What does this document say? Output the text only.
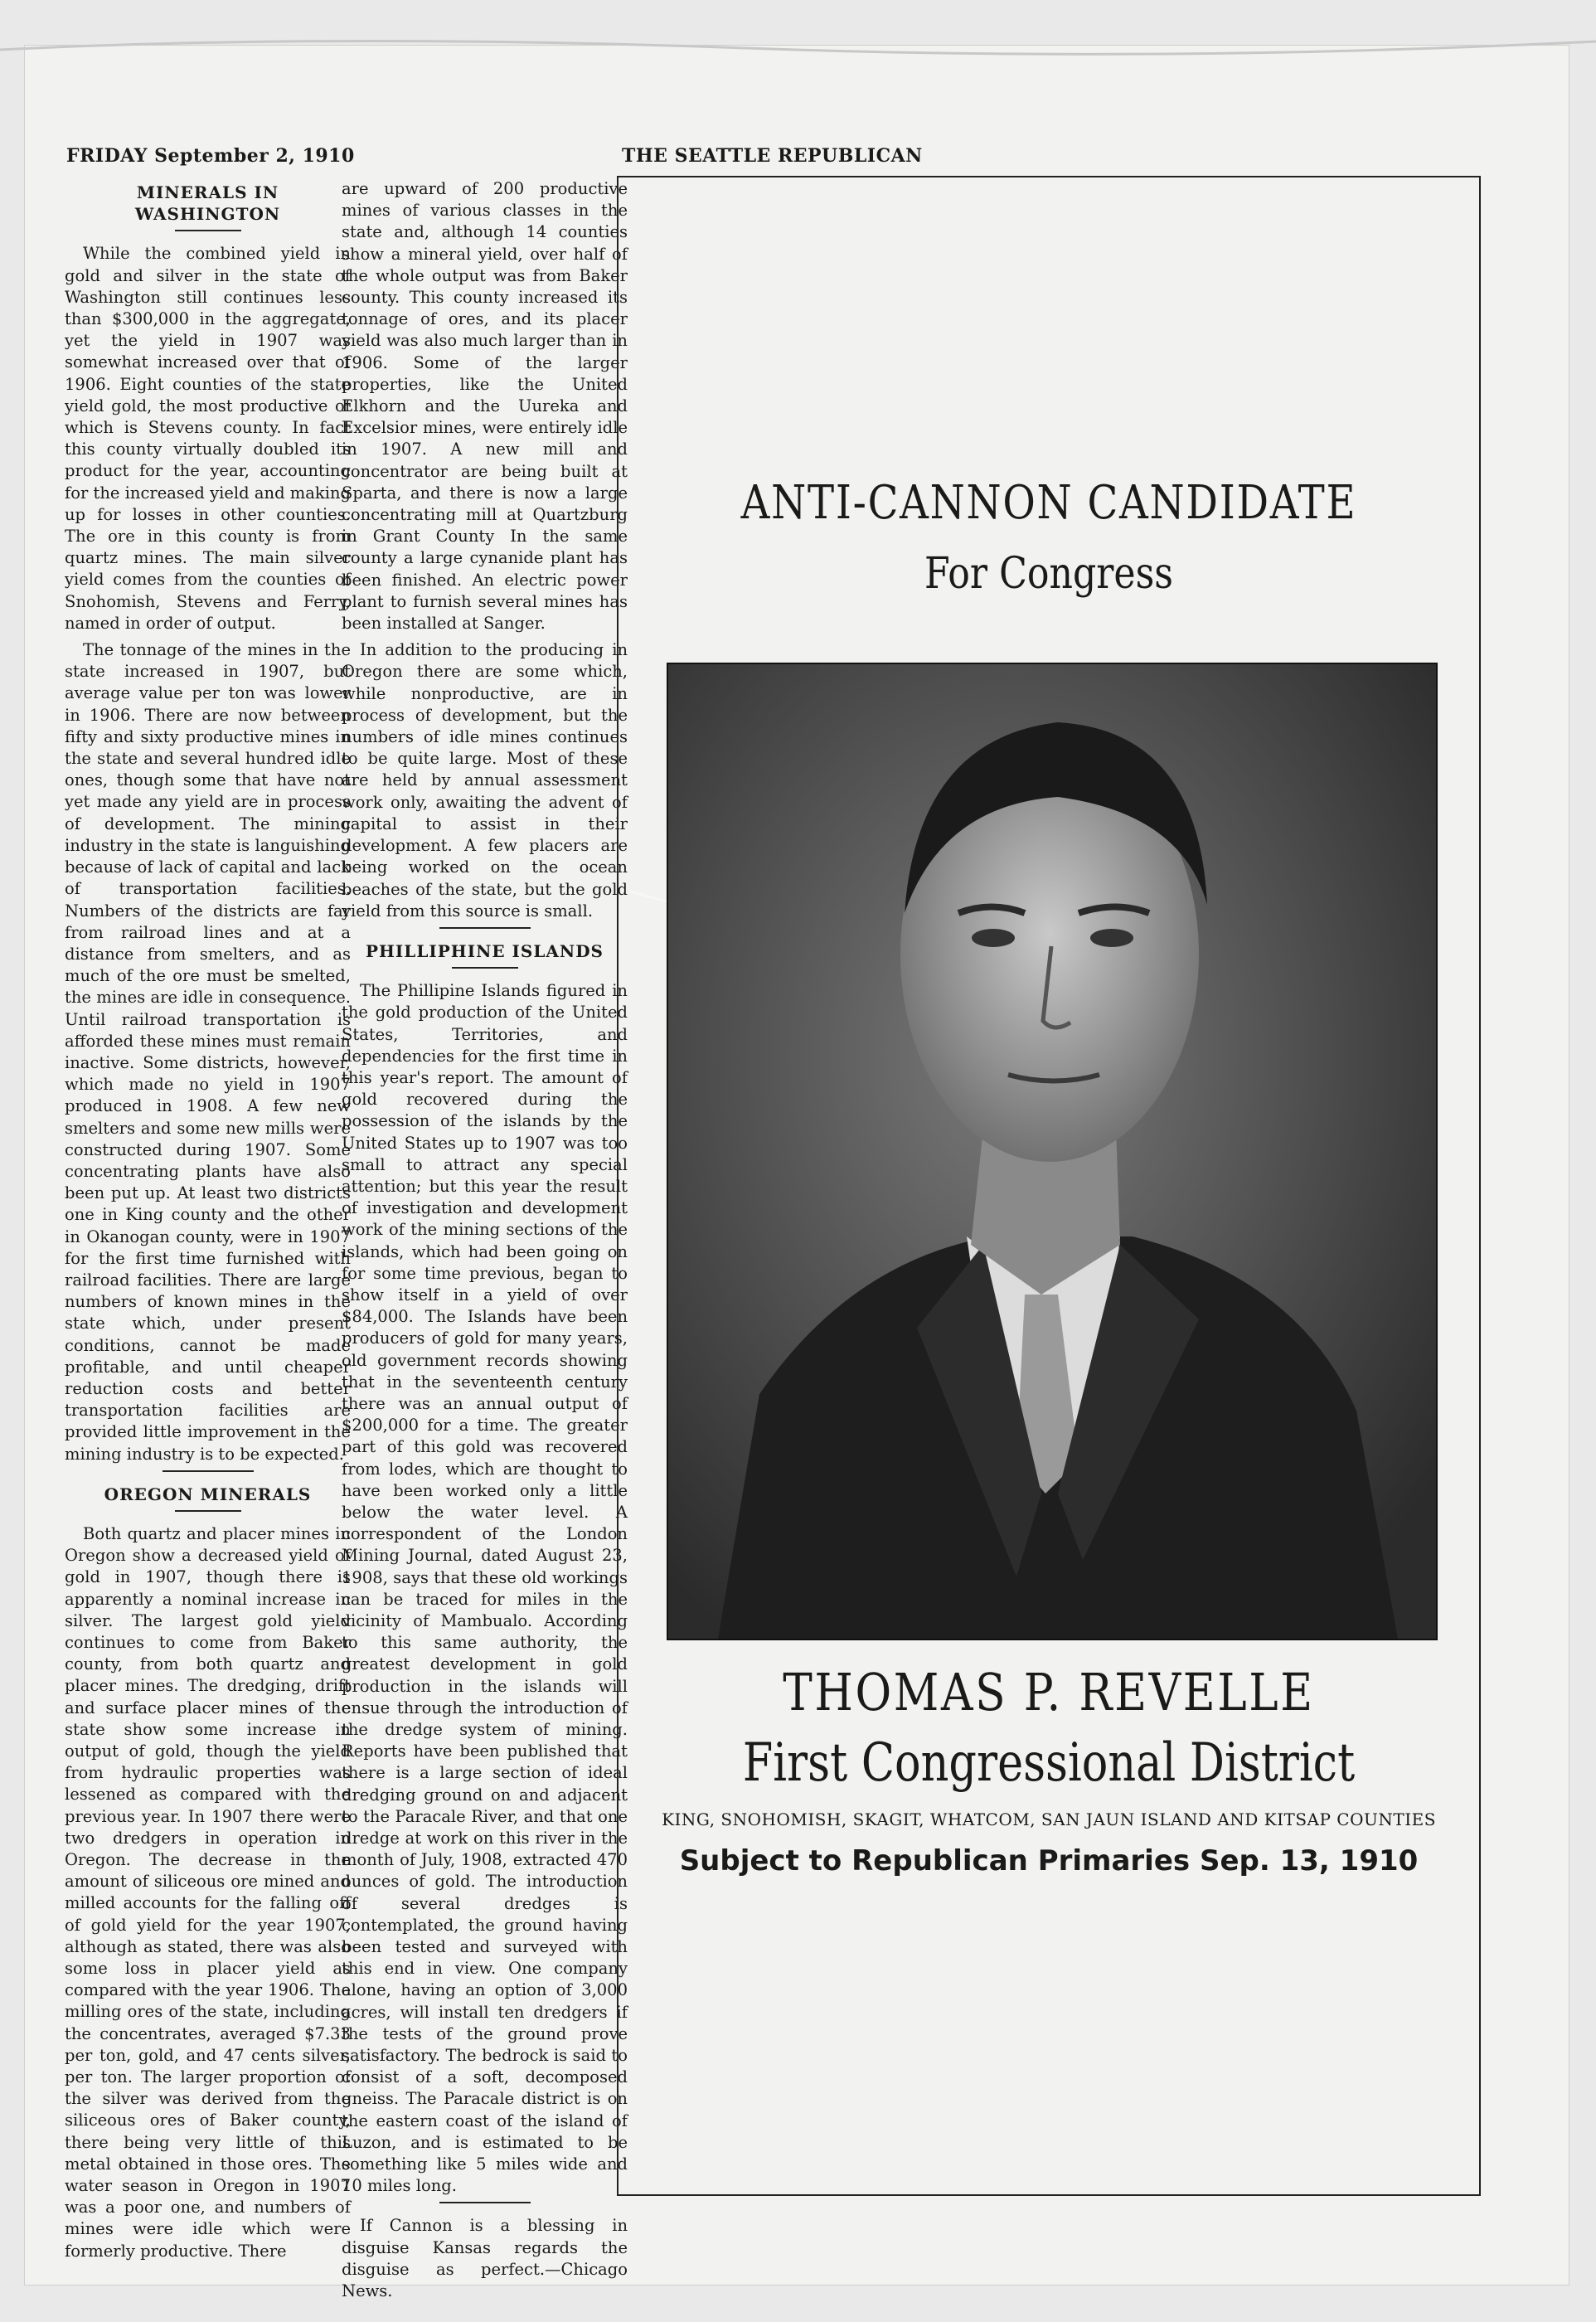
FRIDAY September 2, 1910	THE SEATTLE REPUBLICAN
MINERALS IN WASHINGTON

While the combined yield in gold and silver in the state of Washington still continues less than $300,000 in the aggregate, yet the yield in 1907 was somewhat increased over that of 1906. Eight counties of the state yield gold, the most productive of which is Stevens county. In fact this county virtually doubled its product for the year, accounting for the increased yield and making up for losses in other counties. The ore in this county is from quartz mines. The main silver yield comes from the counties of Snohomish, Stevens and Ferry, named in order of output.

The tonnage of the mines in the state increased in 1907, but average value per ton was lower in 1906. There are now between fifty and sixty productive mines in the state and several hundred idle ones, though some that have not yet made any yield are in process of development. The mining industry in the state is languishing because of lack of capital and lack of transportation facilities. Numbers of the districts are far from railroad lines and at a distance from smelters, and as much of the ore must be smelted, the mines are idle in consequence. Until railroad transportation is afforded these mines must remain inactive. Some districts, however, which made no yield in 1907 produced in 1908. A few new smelters and some new mills were constructed during 1907. Some concentrating plants have also been put up. At least two districts one in King county and the other in Okanogan county, were in 1907 for the first time furnished with railroad facilities. There are large numbers of known mines in the state which, under present conditions, cannot be made profitable, and until cheaper reduction costs and better transportation facilities are provided little improvement in the mining industry is to be expected.

OREGON MINERALS

Both quartz and placer mines in Oregon show a decreased yield of gold in 1907, though there is apparently a nominal increase in silver. The largest gold yield continues to come from Baker county, from both quartz and placer mines. The dredging, drift and surface placer mines of the state show some increase in output of gold, though the yield from hydraulic properties was lessened as compared with the previous year. In 1907 there were two dredgers in operation in Oregon. The decrease in the amount of siliceous ore mined and milled accounts for the falling off of gold yield for the year 1907, although as stated, there was also some loss in placer yield as compared with the year 1906. The milling ores of the state, including the concentrates, averaged $7.33 per ton, gold, and 47 cents silver, per ton. The larger proportion of the silver was derived from the siliceous ores of Baker county, there being very little of this metal obtained in those ores. The water season in Oregon in 1907 was a poor one, and numbers of mines were idle which were formerly productive. There

are upward of 200 productive mines of various classes in the state and, although 14 counties show a mineral yield, over half of the whole output was from Baker county. This county increased its tonnage of ores, and its placer yield was also much larger than in 1906. Some of the larger properties, like the United Elkhorn and the Uureka and Excelsior mines, were entirely idle in 1907. A new mill and concentrator are being built at Sparta, and there is now a large concentrating mill at Quartzburg in Grant County In the same county a large cynanide plant has been finished. An electric power plant to furnish several mines has been installed at Sanger.

In addition to the producing in Oregon there are some which, while nonproductive, are in process of development, but the numbers of idle mines continues to be quite large. Most of these are held by annual assessment work only, awaiting the advent of capital to assist in their development. A few placers are being worked on the ocean beaches of the state, but the gold yield from this source is small.

PHILLIPHINE ISLANDS

The Phillipine Islands figured in the gold production of the United States, Territories, and dependencies for the first time in this year's report. The amount of gold recovered during the possession of the islands by the United States up to 1907 was too small to attract any special attention; but this year the result of investigation and development work of the mining sections of the islands, which had been going on for some time previous, began to show itself in a yield of over $84,000. The Islands have been producers of gold for many years, old government records showing that in the seventeenth century there was an annual output of $200,000 for a time. The greater part of this gold was recovered from lodes, which are thought to have been worked only a little below the water level. A correspondent of the London Mining Journal, dated August 23, 1908, says that these old workings can be traced for miles in the vicinity of Mambualo. According to this same authority, the greatest development in gold production in the islands will ensue through the introduction of the dredge system of mining. Reports have been published that there is a large section of ideal dredging ground on and adjacent to the Paracale River, and that one dredge at work on this river in the month of July, 1908, extracted 470 ounces of gold. The introduction of several dredges is contemplated, the ground having been tested and surveyed with this end in view. One company alone, having an option of 3,000 acres, will install ten dredgers if the tests of the ground prove satisfactory. The bedrock is said to consist of a soft, decomposed gneiss. The Paracale district is on the eastern coast of the island of Luzon, and is estimated to be something like 5 miles wide and 10 miles long.

If Cannon is a blessing in disguise Kansas regards the disguise as perfect.—Chicago News.

ANTI-CANNON CANDIDATE
For Congress
THOMAS P. REVELLE
First Congressional District
KING, SNOHOMISH, SKAGIT, WHATCOM, SAN JAUN ISLAND AND KITSAP COUNTIES
Subject to Republican Primaries Sep. 13, 1910
